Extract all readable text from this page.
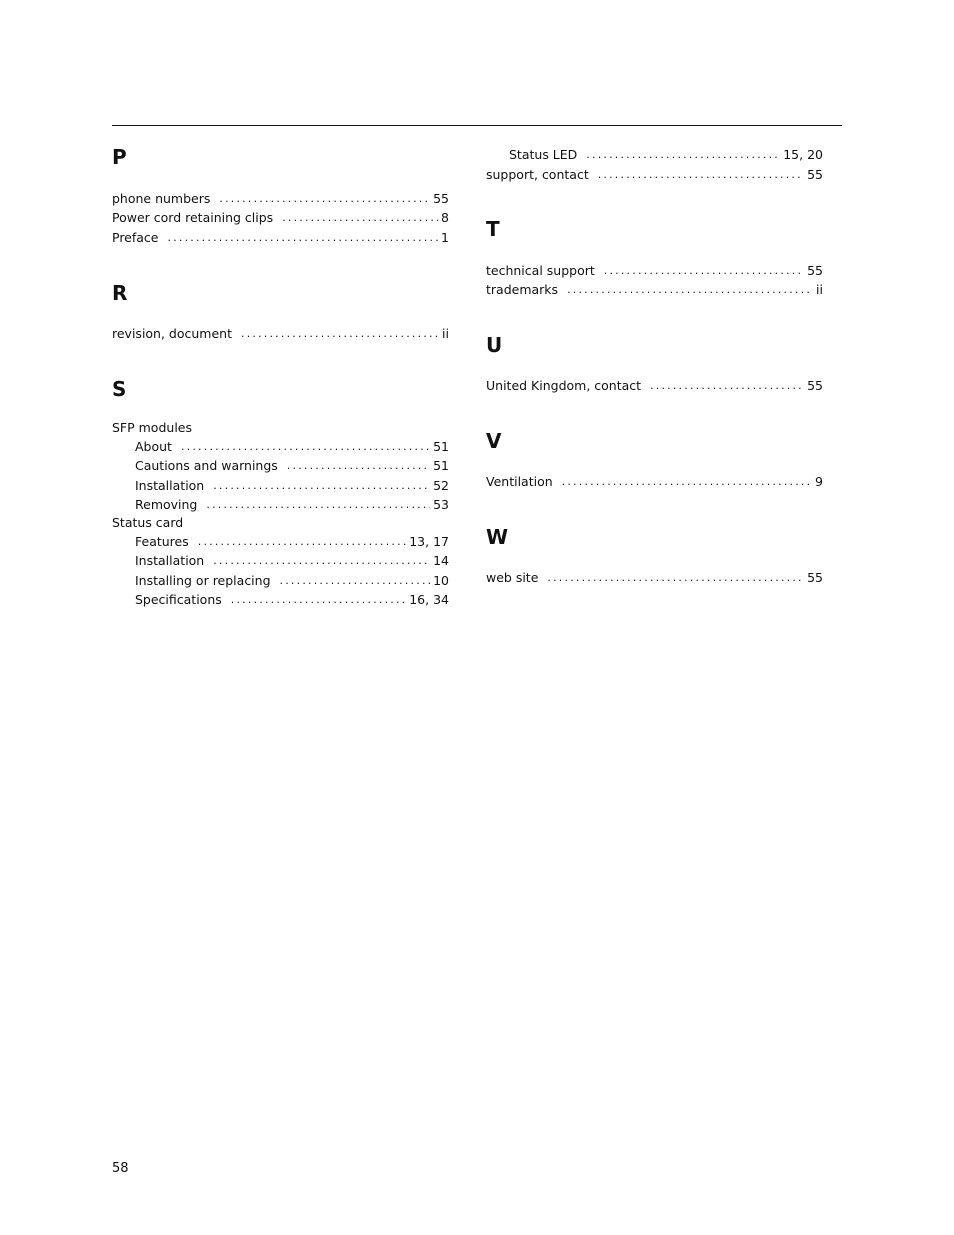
P
phone numbers .....	55
Power cord retaining clips .....	8
Preface .....	1
R
revision, document .....	ii
S
SFP modules
About .....	51
Cautions and warnings .....	51
Installation .....	52
Removing .....	53
Status card
Features .....	13, 17
Installation .....	14
Installing or replacing .....	10
Specifications .....	16, 34
Status LED .....	15, 20
support, contact .....	55
T
technical support .....	55
trademarks .....	ii
U
United Kingdom, contact .....	55
V
Ventilation .....	9
W
web site .....	55
58
